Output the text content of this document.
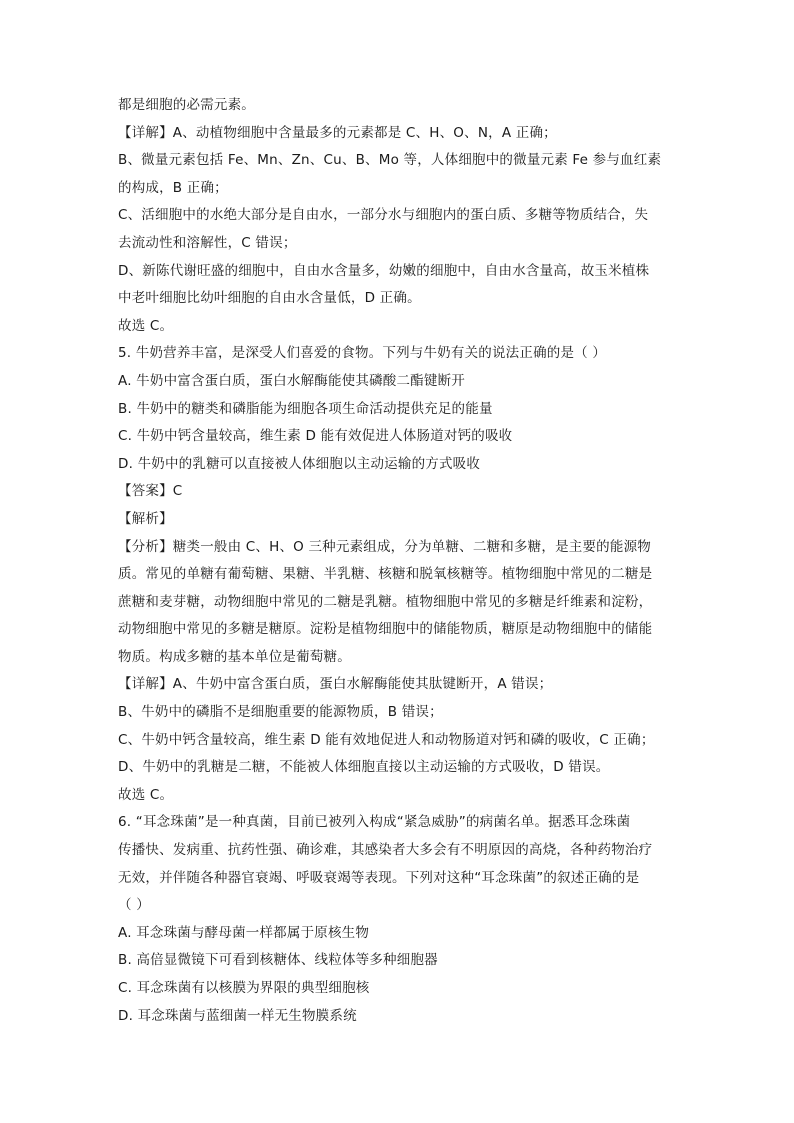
都是细胞的必需元素。
【详解】A、动植物细胞中含量最多的元素都是 C、H、O、N，A 正确；
B、微量元素包括 Fe、Mn、Zn、Cu、B、Mo 等，人体细胞中的微量元素 Fe 参与血红素
的构成，B 正确；
C、活细胞中的水绝大部分是自由水，一部分水与细胞内的蛋白质、多糖等物质结合，失
去流动性和溶解性，C 错误；
D、新陈代谢旺盛的细胞中，自由水含量多，幼嫩的细胞中，自由水含量高，故玉米植株
中老叶细胞比幼叶细胞的自由水含量低，D 正确。
故选 C。
5. 牛奶营养丰富，是深受人们喜爱的食物。下列与牛奶有关的说法正确的是（ ）
A. 牛奶中富含蛋白质，蛋白水解酶能使其磷酸二酯键断开
B. 牛奶中的糖类和磷脂能为细胞各项生命活动提供充足的能量
C. 牛奶中钙含量较高，维生素 D 能有效促进人体肠道对钙的吸收
D. 牛奶中的乳糖可以直接被人体细胞以主动运输的方式吸收
【答案】C
【解析】
【分析】糖类一般由 C、H、O 三种元素组成，分为单糖、二糖和多糖，是主要的能源物
质。常见的单糖有葡萄糖、果糖、半乳糖、核糖和脱氧核糖等。植物细胞中常见的二糖是
蔗糖和麦芽糖，动物细胞中常见的二糖是乳糖。植物细胞中常见的多糖是纤维素和淀粉，
动物细胞中常见的多糖是糖原。淀粉是植物细胞中的储能物质，糖原是动物细胞中的储能
物质。构成多糖的基本单位是葡萄糖。
【详解】A、牛奶中富含蛋白质，蛋白水解酶能使其肽键断开，A 错误；
B、牛奶中的磷脂不是细胞重要的能源物质，B 错误；
C、牛奶中钙含量较高，维生素 D 能有效地促进人和动物肠道对钙和磷的吸收，C 正确；
D、牛奶中的乳糖是二糖，不能被人体细胞直接以主动运输的方式吸收，D 错误。
故选 C。
6. “耳念珠菌”是一种真菌，目前已被列入构成“紧急威胁”的病菌名单。据悉耳念珠菌
传播快、发病重、抗药性强、确诊难，其感染者大多会有不明原因的高烧，各种药物治疗
无效，并伴随各种器官衰竭、呼吸衰竭等表现。下列对这种“耳念珠菌”的叙述正确的是
（ ）
A. 耳念珠菌与酵母菌一样都属于原核生物
B. 高倍显微镜下可看到核糖体、线粒体等多种细胞器
C. 耳念珠菌有以核膜为界限的典型细胞核
D. 耳念珠菌与蓝细菌一样无生物膜系统
